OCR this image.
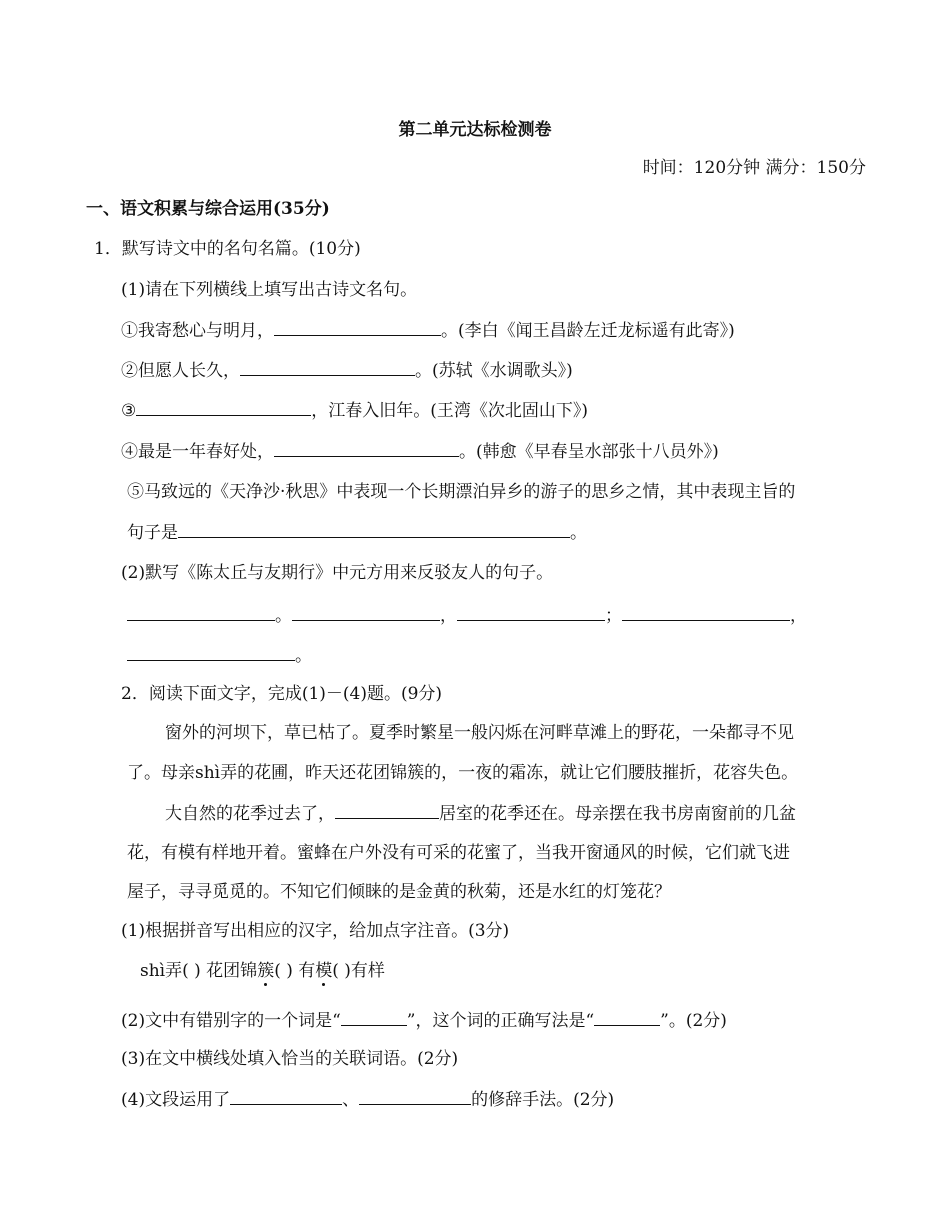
第二单元达标检测卷
时间：120分钟 满分：150分
一、语文积累与综合运用(35分)
1．默写诗文中的名句名篇。(10分)
(1)请在下列横线上填写出古诗文名句。
①我寄愁心与明月，	。(李白《闻王昌龄左迁龙标遥有此寄》)
②但愿人长久，	。(苏轼《水调歌头》)
③	，江春入旧年。(王湾《次北固山下》)
④最是一年春好处，	。(韩愈《早春呈水部张十八员外》)
⑤马致远的《天净沙·秋思》中表现一个长期漂泊异乡的游子的思乡之情，其中表现主旨的
句子是	。
(2)默写《陈太丘与友期行》中元方用来反驳友人的句子。
。	，	；	，
。
2．阅读下面文字，完成(1)－(4)题。(9分)
窗外的河坝下，草已枯了。夏季时繁星一般闪烁在河畔草滩上的野花，一朵都寻不见
了。母亲shì弄的花圃，昨天还花团锦簇的，一夜的霜冻，就让它们腰肢摧折，花容失色。
大自然的花季过去了，	居室的花季还在。母亲摆在我书房南窗前的几盆
花，有模有样地开着。蜜蜂在户外没有可采的花蜜了，当我开窗通风的时候，它们就飞进
屋子，寻寻觅觅的。不知它们倾睐的是金黄的秋菊，还是水红的灯笼花？
(1)根据拼音写出相应的汉字，给加点字注音。(3分)
shì弄( ) 花团锦簇( ) 有模( )有样
(2)文中有错别字的一个词是“	”，这个词的正确写法是“	”。(2分)
(3)在文中横线处填入恰当的关联词语。(2分)
(4)文段运用了	、	的修辞手法。(2分)
